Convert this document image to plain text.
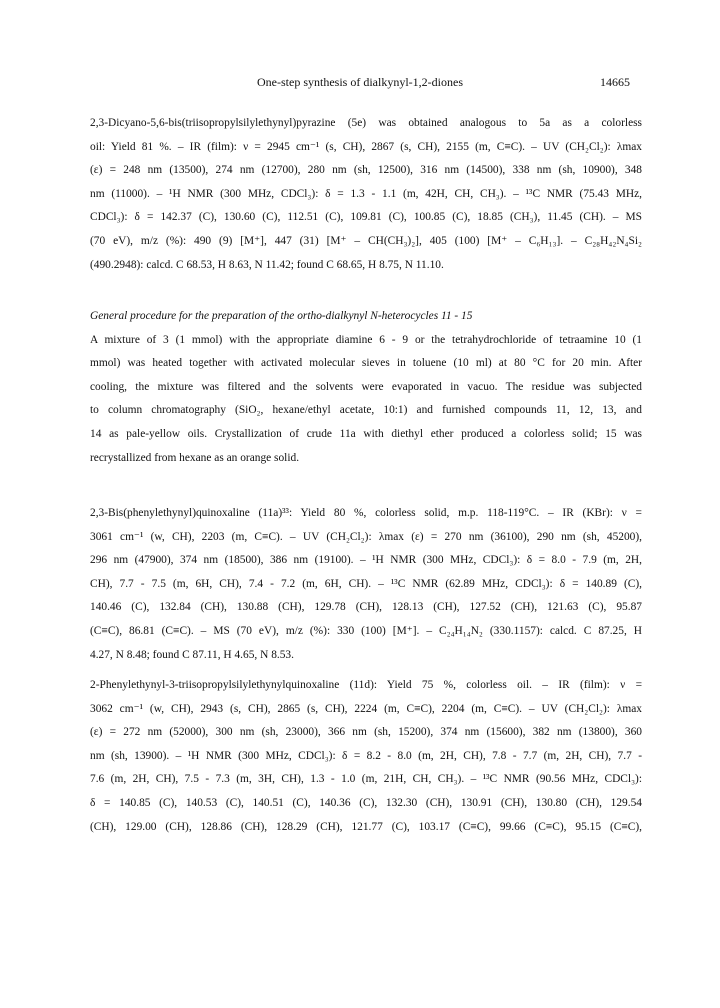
One-step synthesis of dialkynyl-1,2-diones	14665
2,3-Dicyano-5,6-bis(triisopropylsilylethynyl)pyrazine (5e) was obtained analogous to 5a as a colorless
oil: Yield 81 %. – IR (film): ν = 2945 cm⁻¹ (s, CH), 2867 (s, CH), 2155 (m, C≡C). – UV (CH₂Cl₂): λmax
(ε) = 248 nm (13500), 274 nm (12700), 280 nm (sh, 12500), 316 nm (14500), 338 nm (sh, 10900), 348
nm (11000). – ¹H NMR (300 MHz, CDCl₃): δ = 1.3 - 1.1 (m, 42H, CH, CH₃). – ¹³C NMR (75.43 MHz,
CDCl₃): δ = 142.37 (C), 130.60 (C), 112.51 (C), 109.81 (C), 100.85 (C), 18.85 (CH₃), 11.45 (CH). – MS
(70 eV), m/z (%): 490 (9) [M⁺], 447 (31) [M⁺ – CH(CH₃)₂], 405 (100) [M⁺ – C₆H₁₃]. – C₂₈H₄₂N₄Si₂
(490.2948): calcd. C 68.53, H 8.63, N 11.42; found C 68.65, H 8.75, N 11.10.
General procedure for the preparation of the ortho-dialkynyl N-heterocycles 11 - 15
A mixture of 3 (1 mmol) with the appropriate diamine 6 - 9 or the tetrahydrochloride of tetraamine 10 (1
mmol) was heated together with activated molecular sieves in toluene (10 ml) at 80 °C for 20 min. After
cooling, the mixture was filtered and the solvents were evaporated in vacuo. The residue was subjected
to column chromatography (SiO₂, hexane/ethyl acetate, 10:1) and furnished compounds 11, 12, 13, and
14 as pale-yellow oils. Crystallization of crude 11a with diethyl ether produced a colorless solid; 15 was
recrystallized from hexane as an orange solid.
2,3-Bis(phenylethynyl)quinoxaline (11a)³³: Yield 80 %, colorless solid, m.p. 118-119°C. – IR (KBr): ν =
3061 cm⁻¹ (w, CH), 2203 (m, C≡C). – UV (CH₂Cl₂): λmax (ε) = 270 nm (36100), 290 nm (sh, 45200),
296 nm (47900), 374 nm (18500), 386 nm (19100). – ¹H NMR (300 MHz, CDCl₃): δ = 8.0 - 7.9 (m, 2H,
CH), 7.7 - 7.5 (m, 6H, CH), 7.4 - 7.2 (m, 6H, CH). – ¹³C NMR (62.89 MHz, CDCl₃): δ = 140.89 (C),
140.46 (C), 132.84 (CH), 130.88 (CH), 129.78 (CH), 128.13 (CH), 127.52 (CH), 121.63 (C), 95.87
(C≡C), 86.81 (C≡C). – MS (70 eV), m/z (%): 330 (100) [M⁺]. – C₂₄H₁₄N₂ (330.1157): calcd. C 87.25, H
4.27, N 8.48; found C 87.11, H 4.65, N 8.53.
2-Phenylethynyl-3-triisopropylsilylethynylquinoxaline (11d): Yield 75 %, colorless oil. – IR (film): ν =
3062 cm⁻¹ (w, CH), 2943 (s, CH), 2865 (s, CH), 2224 (m, C≡C), 2204 (m, C≡C). – UV (CH₂Cl₂): λmax
(ε) = 272 nm (52000), 300 nm (sh, 23000), 366 nm (sh, 15200), 374 nm (15600), 382 nm (13800), 360
nm (sh, 13900). – ¹H NMR (300 MHz, CDCl₃): δ = 8.2 - 8.0 (m, 2H, CH), 7.8 - 7.7 (m, 2H, CH), 7.7 -
7.6 (m, 2H, CH), 7.5 - 7.3 (m, 3H, CH), 1.3 - 1.0 (m, 21H, CH, CH₃). – ¹³C NMR (90.56 MHz, CDCl₃):
δ = 140.85 (C), 140.53 (C), 140.51 (C), 140.36 (C), 132.30 (CH), 130.91 (CH), 130.80 (CH), 129.54
(CH), 129.00 (CH), 128.86 (CH), 128.29 (CH), 121.77 (C), 103.17 (C≡C), 99.66 (C≡C), 95.15 (C≡C),
